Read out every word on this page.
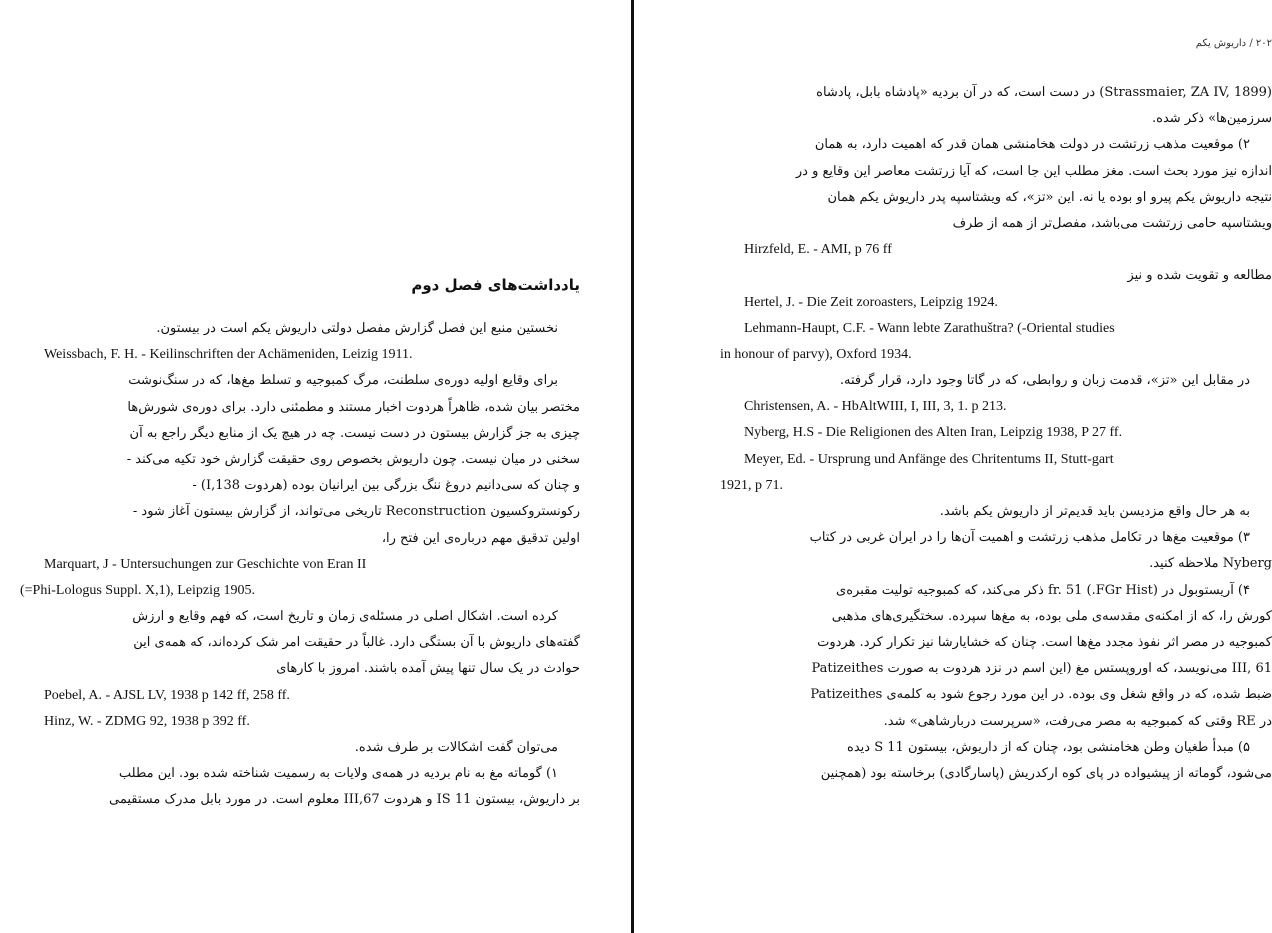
۲۰۲ / داریوش یکم
(Strassmaier, ZA IV, 1899) در دست است، که در آن بردیه «پادشاه بابل، پادشاه
سرزمین‌ها» ذکر شده.
۲) موقعیت مذهب زرتشت در دولت هخامنشی همان قدر که اهمیت دارد، به همان
اندازه نیز مورد بحث است. مغز مطلب این جا است، که آیا زرتشت معاصر این وقایع و در
نتیجه داریوش یکم پیرو او بوده یا نه. این «تز»، که ویشتاسپه پدر داریوش یکم همان
ویشتاسپه حامی زرتشت می‌باشد، مفصل‌تر از همه از طرف
Hirzfeld, E. - AMI, p 76 ff
مطالعه و تقویت شده و نیز
Hertel, J. - Die Zeit zoroasters, Leipzig 1924.
Lehmann-Haupt, C.F. - Wann lebte Zarathuštra? (-Oriental studies
in honour of parvy), Oxford 1934.
در مقابل این «تز»، قدمت زبان و روابطی، که در گاتا وجود دارد، قرار گرفته.
Christensen, A. - HbAltWIII, I, III, 3, 1. p 213.
Nyberg, H.S - Die Religionen des Alten Iran, Leipzig 1938, P 27 ff.
Meyer, Ed. - Ursprung und Anfänge des Chritentums II, Stutt-gart
1921, p 71.
به هر حال واقع مزدیسن باید قدیم‌تر از داریوش یکم باشد.
۳) موقعیت مغ‌ها در تکامل مذهب زرتشت و اهمیت آن‌ها را در ایران غربی در کتاب
Nyberg ملاحظه کنید.
۴) آریستوبول در (FGr Hist.) fr. 51 ذکر می‌کند، که کمبوجیه تولیت مقبره‌ی
کورش را، که از امکنه‌ی مقدسه‌ی ملی بوده، به مغ‌ها سپرده. سختگیری‌های مذهبی
کمبوجیه در مصر اثر نفوذ مجدد مغ‌ها است. چنان که خشایارشا نیز تکرار کرد. هردوت
III, 61 می‌نویسد، که اوروپستس مغ (این اسم در نزد هردوت به صورت Patizeithes
ضبط شده، که در واقع شغل وی بوده. در این مورد رجوع شود به کلمه‌ی Patizeithes
در RE وقتی که کمبوجیه به مصر می‌رفت، «سرپرست دربارشاهی» شد.
۵) مبدأ طغیان وطن هخامنشی بود، چنان که از داریوش، بیستون S 11 دیده
می‌شود، گوماته از پیشیواده در پای کوه ارکدریش (پاسارگادی) برخاسته بود (همچنین
یادداشت‌های فصل دوم
نخستین منبع این فصل گزارش مفصل دولتی داریوش یکم است در بیستون.
Weissbach, F. H. - Keilinschriften der Achämeniden, Leizig 1911.
برای وقایع اولیه دوره‌ی سلطنت، مرگ کمبوجیه و تسلط مغ‌ها، که در سنگ‌نوشت
مختصر بیان شده، ظاهراً هردوت اخبار مستند و مطمئنی دارد. برای دوره‌ی شورش‌ها
چیزی به جز گزارش بیستون در دست نیست. چه در هیچ یک از منابع دیگر راجع به آن
سخنی در میان نیست. چون داریوش بخصوص روی حقیقت گزارش خود تکیه می‌کند -
و چنان که سی‌دانیم دروغ ننگ بزرگی بین ایرانیان بوده (هردوت I,138) -
رکونستروکسیون Reconstruction تاریخی می‌تواند، از گزارش بیستون آغاز شود -
اولین تدقیق مهم درباره‌ی این فتح را،
Marquart, J - Untersuchungen zur Geschichte von Eran II
(=Phi-Lologus Suppl. X,1), Leipzig 1905.
کرده است. اشکال اصلی در مسئله‌ی زمان و تاریخ است، که فهم وقایع و ارزش
گفته‌های داریوش با آن بستگی دارد. غالباً در حقیقت امر شک کرده‌اند، که همه‌ی این
حوادث در یک سال تنها پیش آمده باشند. امروز با کارهای
Poebel, A. - AJSL LV, 1938 p 142 ff, 258 ff.
Hinz, W. - ZDMG 92, 1938 p 392 ff.
می‌توان گفت اشکالات بر طرف شده.
۱) گوماته مغ به نام بردیه در همه‌ی ولایات به رسمیت شناخته شده بود. این مطلب
بر داریوش، بیستون 11 IS و هردوت III,67 معلوم است. در مورد بابل مدرک مستقیمی
